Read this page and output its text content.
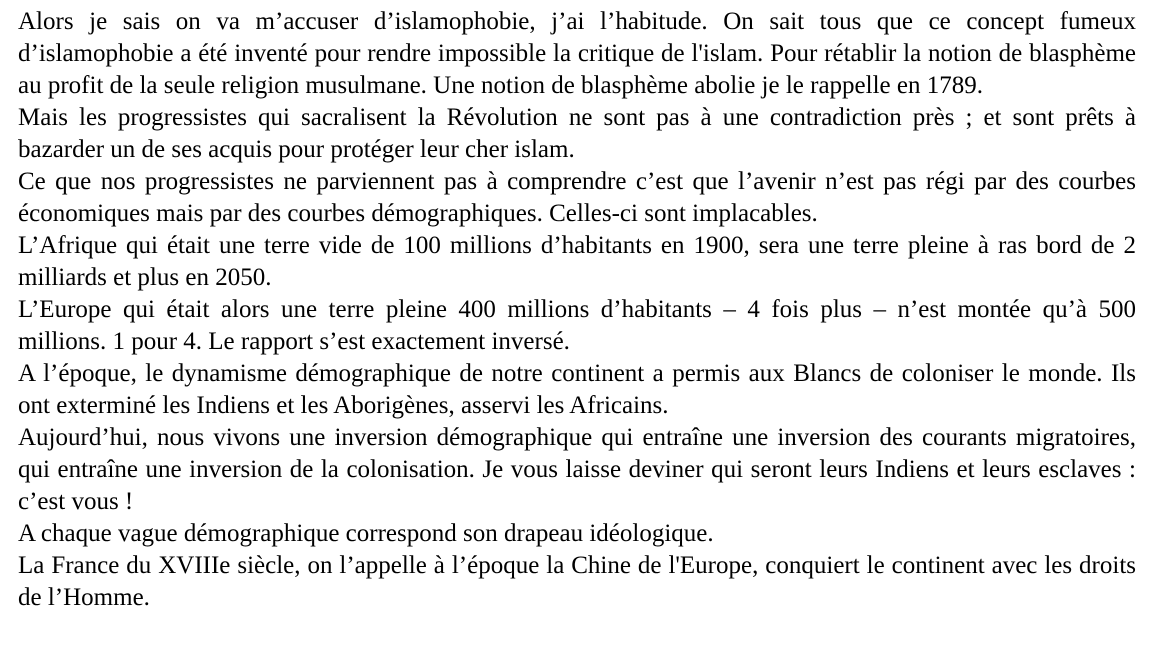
Alors je sais on va m’accuser d’islamophobie, j’ai l’habitude. On sait tous que ce concept fumeux d’islamophobie a été inventé pour rendre impossible la critique de l'islam. Pour rétablir la notion de blasphème au profit de la seule religion musulmane. Une notion de blasphème abolie je le rappelle en 1789.

Mais les progressistes qui sacralisent la Révolution ne sont pas à une contradiction près ; et sont prêts à bazarder un de ses acquis pour protéger leur cher islam.

Ce que nos progressistes ne parviennent pas à comprendre c’est que l’avenir n’est pas régi par des courbes économiques mais par des courbes démographiques. Celles-ci sont implacables.

L’Afrique qui était une terre vide de 100 millions d’habitants en 1900, sera une terre pleine à ras bord de 2 milliards et plus en 2050.

L’Europe qui était alors une terre pleine 400 millions d’habitants – 4 fois plus – n’est montée qu’à 500 millions. 1 pour 4. Le rapport s’est exactement inversé.

A l’époque, le dynamisme démographique de notre continent a permis aux Blancs de coloniser le monde. Ils ont exterminé les Indiens et les Aborigènes, asservi les Africains.

Aujourd’hui, nous vivons une inversion démographique qui entraîne une inversion des courants migratoires, qui entraîne une inversion de la colonisation. Je vous laisse deviner qui seront leurs Indiens et leurs esclaves : c’est vous !

A chaque vague démographique correspond son drapeau idéologique.

La France du XVIIIe siècle, on l’appelle à l’époque la Chine de l'Europe, conquiert le continent avec les droits de l’Homme.
